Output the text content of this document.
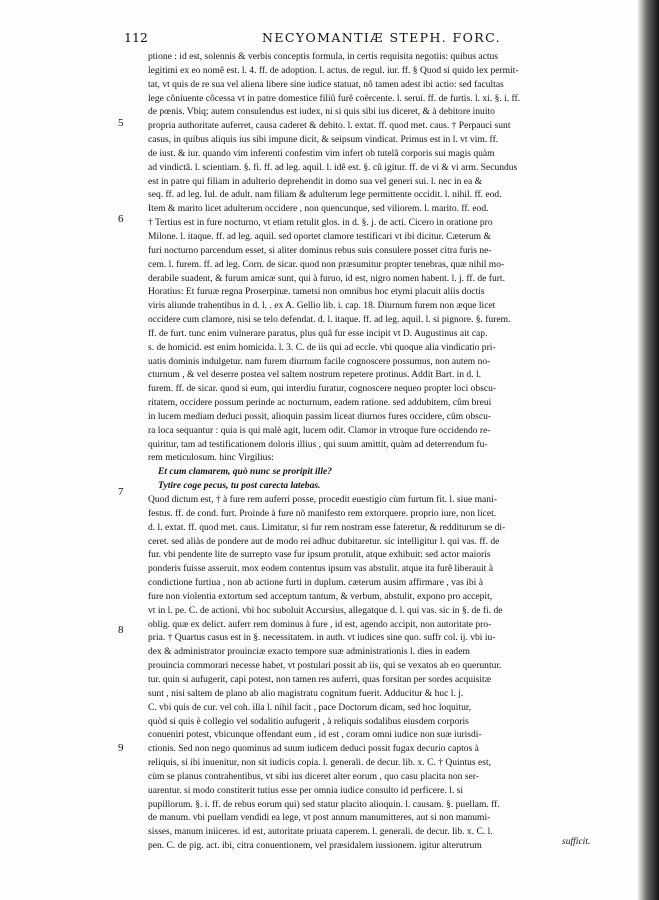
112	NECYOMANTIÆ STEPH. FORC.
ptione : id est, solennis & verbis conceptis formula, in certis requisita negotiis: quibus actus
legitimi ex eo nomê est. l. 4. ff. de adoption. l. actus. de regul. iur. ff. § Quod si quido lex permit-
tat, vt quis de re sua vel aliena libere sine iudice statuat, nô tamen adest ibi actio: sed facultas
lege côniuente côcessa vt in patre domestice filiû furê coërcente. l. seruí. ff. de furtis. l. xi. §. i. ff.
de pœnis. Vbiq; autem consulendus est iudex, ni si quis sibi ius diceret, & à debitore inuito
propria authoritate auferret, causa caderet & debito. l. extat. ff. quod met. caus. † Perpauci sunt
casus, in quibus aliquis ius sibi impune dicit, & seipsum vindicat. Primus est in l. vt vim. ff.
de iust. & iur. quando vim inferenti confestim vim infert ob tutelã corporis sui magis quàm
ad vindictã. l. scientiam. §. fi. ff. ad leg. aquil. l. idê est. §. cû igitur. ff. de vi & vi arm. Secundus
est in patre qui filiam in adulterio deprehendit in domo sua vel generi sui. l. nec in ea &
seq. ff. ad leg. Iul. de adult. nam filiam & adulterum lege permittente occidit. l. nihil. ff. eod.
Item & marito licet adulterum occidere , non quencunque, sed viliorem. l. marito. ff. eod.
† Tertius est in fure nocturno, vt etiam retulit glos. in d. §. j. de acti. Cicero in oratione pro
Milone. l. itaque. ff. ad leg. aquil. sed oportet clamore testificari vt ibi dicitur. Cæterum &
furi nocturno parcendum esset, si aliter dominus rebus suis consulere posset citra furis ne-
cem. l. furem. ff. ad leg. Corn. de sicar. quod non præsumitur propter tenebras, quæ nihil mo-
derabile suadent, & furum amicæ sunt, qui à furuo, id est, nigro nomen habent. l. j. ff. de furt.
Horatius: Et furuæ regna Proserpinæ. tametsi non omnibus hoc etymi placuit aliis doctis
viris aliunde trahentibus in d. l. . ex A. Gellio lib. i. cap. 18. Diurnum furem non æque licet
occidere cum clamore, nisi se telo defendat. d. l. itaque. ff. ad leg. aquil. l. si pignore. §. furem.
ff. de furt. tunc enim vulnerare paratus, plus quã fur esse incipit vt D. Augustinus ait cap.
s. de homicid. est enim homicida. l. 3. C. de iis qui ad eccle. vbi quoque alia vindicatio pri-
uatis dominis indulgetur. nam furem diurnum facile cognoscere possumus, non autem no-
cturnum , & vel deserre postea vel saltem nostrum repetere protinus. Addit Bart. in d. l.
furem. ff. de sicar. quod si eum, qui interdiu furatur, cognoscere nequeo propter loci obscu-
ritatem, occidere possum perinde ac nocturnum, eadem ratione. sed addubitem, cûm breui
in lucem mediam deduci possit, alioquin passim liceat diurnos fures occidere, cûm obscu-
ra loca sequantur : quia is qui malè agit, lucem odit. Clamor in vtroque fure occidendo re-
quiritur, tam ad testificationem doloris illius , qui suum amittit, quàm ad deterrendum fu-
rem meticulosum. hinc Virgilius:
Et cum clamarem, quò nunc se proripit ille?
Tytire coge pecus, tu post carecta latebas.
Quod dictum est, † à fure rem auferri posse, procedit euestigio cùm furtum fit. l. siue mani-
festus. ff. de cond. furt. Proinde à fure nõ manifesto rem extorquere. proprio iure, non licet.
d. l. extat. ff. quod met. caus. Limitatur, si fur rem nostram esse fateretur, & redditurum se di-
ceret. sed aliàs de pondere aut de modo rei adhuc dubitaretur. sic intelligitur l. qui vas. ff. de
fur. vbi pendente lite de surrepto vase fur ipsum protulit, atque exhibuit: sed actor maioris
ponderis fuisse asseruit. mox eodem contentus ipsum vas abstulit. atque ita furê liberauit à
condictione furtiua , non ab actione furti in duplum. cæterum ausim affirmare , vas ibi à
fure non violentia extortum sed acceptum tantum, & verbum, abstulit, expono pro accepit,
vt in l. pe. C. de actioni. vbi hoc suboluit Accursius, allegatque d. l. qui vas. sic in §. de fi. de
oblig. quæ ex delict. auferr rem dominus à fure , id est, agendo accipit, non autoritate pro-
pria. † Quartus casus est in §. necessitatem. in auth. vt iudices sine quo. suffr col. ij. vbi iu-
dex & administrator prouinciæ exacto tempore suæ administrationis l. dies in eadem
prouincia commorari necesse habet, vt postulari possit ab iis, qui se vexatos ab eo queruntur.
tur. quin si aufugerit, capi potest, non tamen res auferri, quas forsitan per sordes acquisitæ
sunt , nisi saltem de plano ab alio magistratu cognitum fuerit. Adducitur & huc l. j.
C. vbi quis de cur. vel coh. illa l. nihil facit , pace Doctorum dicam, sed hoc loquitur,
quòd si quis è collegio vel sodalitio aufugerit , à reliquis sodalibus eiusdem corporis
conueniri potest, vbicunque offendant eum , id est , coram omni iudice non suæ iurisdi-
ctionis. Sed non nego quominus ad suum iudicem deduci possit fugax decurio captos à
reliquis, si ibi inuenitur, non sit iudicis copia. l. generali. de decur. lib. x. C. † Quintus est,
cùm se planus contrahentibus, vt sibi ius diceret alter eorum , quo casu placita non ser-
uarentur. si modo constiterit tutius esse per omnia iudice consulto id perficere. l. si
pupillorum. §. i. ff. de rebus eorum qui) sed statur placito alioquin. l. causam. §. puellam. ff.
de manum. vbi puellam vendidi ea lege, vt post annum manumitteres, aut si non manumi-
sisses, manum iniiceres. id est, autoritate priuata caperem. l. generali. de decur. lib. x. C. l.
pen. C. de pig. act. ibi, citra conuentionem, vel præsidalem iussionem. igitur alterutrum
5
6
7
8
9
sufficit.
